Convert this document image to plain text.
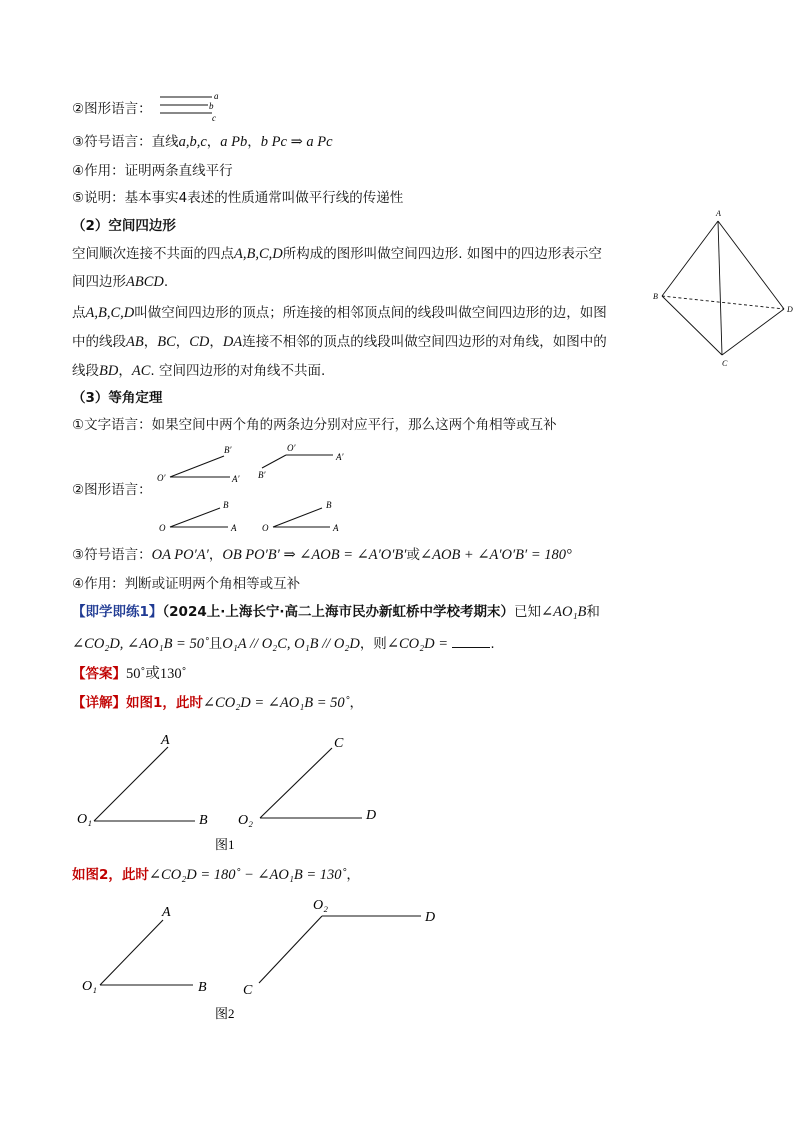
②图形语言：
a
b
c
③符号语言：直线a,b,c，a Pb，b Pc ⇒ a Pc
④作用：证明两条直线平行
⑤说明：基本事实4表述的性质通常叫做平行线的传递性
（2）空间四边形
空间顺次连接不共面的四点A,B,C,D所构成的图形叫做空间四边形. 如图中的四边形表示空
间四边形ABCD.
点A,B,C,D叫做空间四边形的顶点；所连接的相邻顶点间的线段叫做空间四边形的边，如图
中的线段AB，BC，CD，DA连接不相邻的顶点的线段叫做空间四边形的对角线，如图中的
线段BD，AC. 空间四边形的对角线不共面.
A
B
C
D
（3）等角定理
①文字语言：如果空间中两个角的两条边分别对应平行，那么这两个角相等或互补
②图形语言：
O′
B′
A′
O′
A′
B′
O
B
A	O
B
A
③符号语言：OA PO′A′，OB PO′B′ ⇒ ∠AOB = ∠A′O′B′或∠AOB + ∠A′O′B′ = 180°
④作用：判断或证明两个角相等或互补
【即学即练1】（2024上·上海长宁·高二上海市民办新虹桥中学校考期末）已知∠AO₁B和
∠CO₂D, ∠AO₁B = 50˚且O₁A // O₂C, O₁B // O₂D，则∠CO₂D =	.
【答案】50˚或130˚
【详解】如图1，此时∠CO₂D = ∠AO₁B = 50˚，
A
O₁	B
C
O₂	D
图1
如图2，此时∠CO₂D = 180˚ − ∠AO₁B = 130˚，
A
O₁	B
O₂
D
C
图2
